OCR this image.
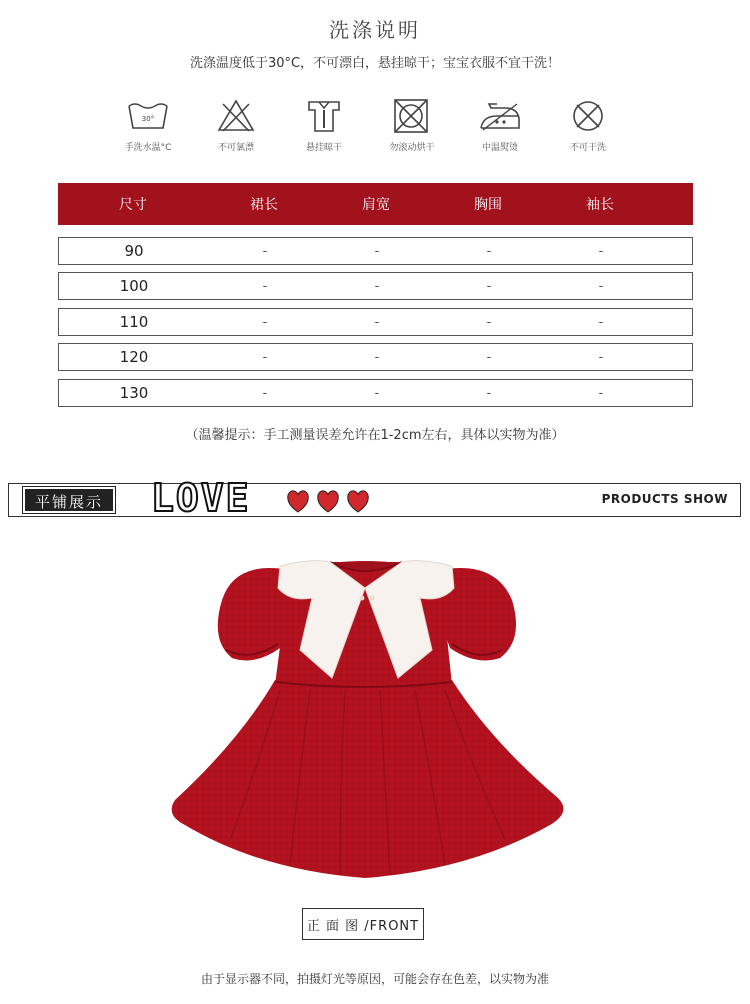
洗涤说明
洗涤温度低于30°C，不可漂白，悬挂晾干；宝宝衣服不宜干洗！
30°
手洗水温°C	不可氯漂	悬挂晾干	勿滚动烘干	中温熨烫	不可干洗
尺寸	裙长	肩宽	胸围	袖长
90	-	-	-	-
100	-	-	-	-
110	-	-	-	-
120	-	-	-	-
130	-	-	-	-
（温馨提示：手工测量误差允许在1-2cm左右，具体以实物为准）
平铺展示	LOVE	PRODUCTS SHOW
正 面 图 /FRONT
由于显示器不同，拍摄灯光等原因，可能会存在色差，以实物为准
